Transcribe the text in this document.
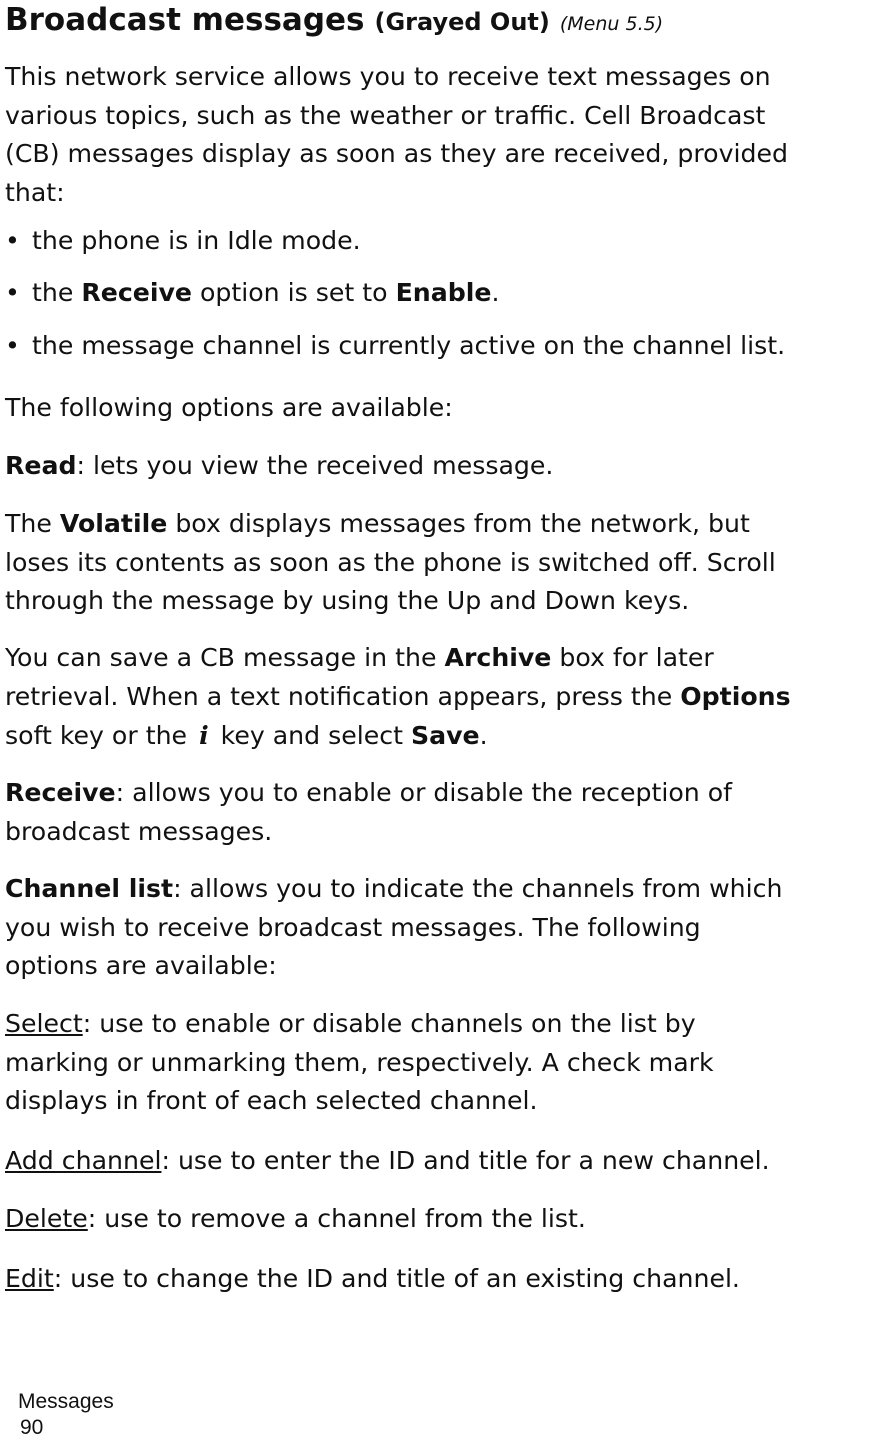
Broadcast messages (Grayed Out) (Menu 5.5)
This network service allows you to receive text messages on
various topics, such as the weather or traffic. Cell Broadcast
(CB) messages display as soon as they are received, provided
that:
• the phone is in Idle mode.
• the Receive option is set to Enable.
• the message channel is currently active on the channel list.
The following options are available:
Read: lets you view the received message.
The Volatile box displays messages from the network, but
loses its contents as soon as the phone is switched off. Scroll
through the message by using the Up and Down keys.
You can save a CB message in the Archive box for later
retrieval. When a text notification appears, press the Options
soft key or the i key and select Save.
Receive: allows you to enable or disable the reception of
broadcast messages.
Channel list: allows you to indicate the channels from which
you wish to receive broadcast messages. The following
options are available:
Select: use to enable or disable channels on the list by
marking or unmarking them, respectively. A check mark
displays in front of each selected channel.
Add channel: use to enter the ID and title for a new channel.
Delete: use to remove a channel from the list.
Edit: use to change the ID and title of an existing channel.
Messages
90
